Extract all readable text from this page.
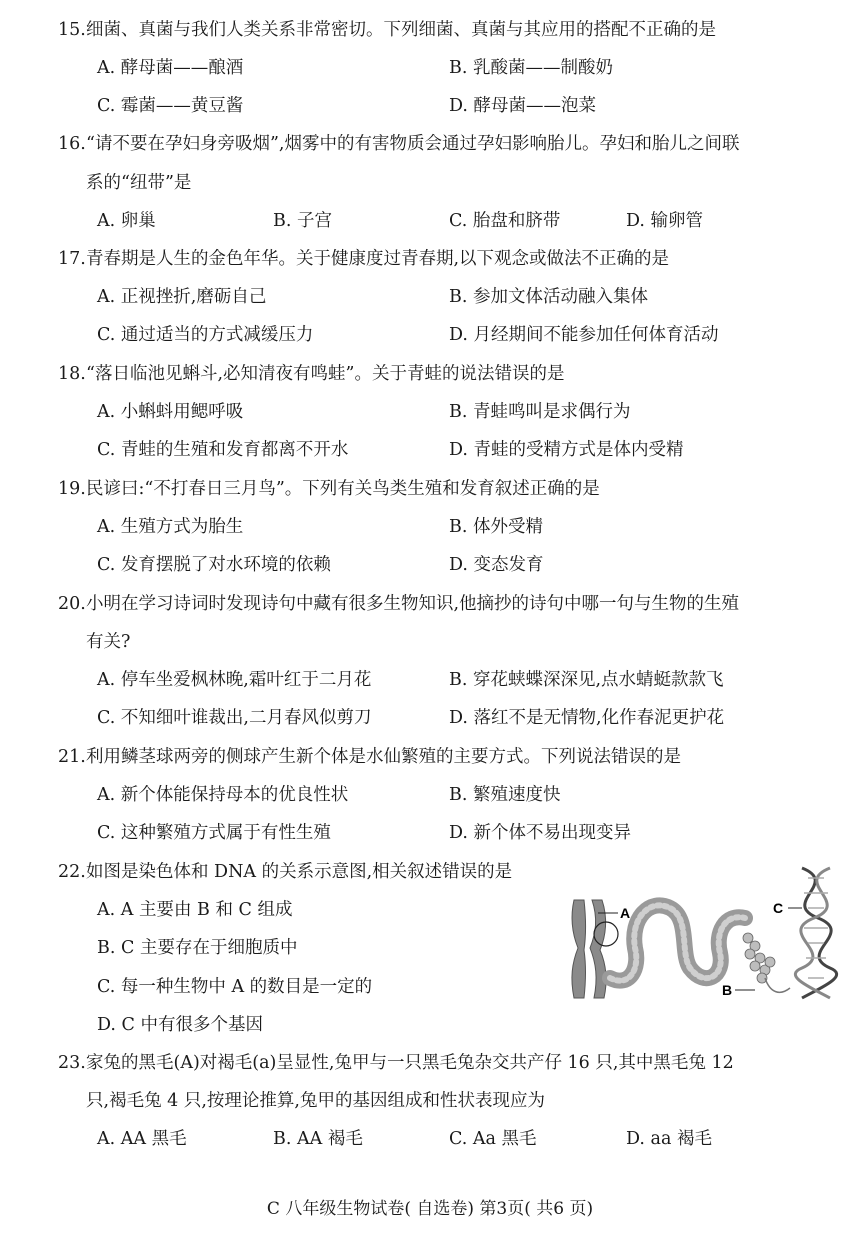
15.细菌、真菌与我们人类关系非常密切。下列细菌、真菌与其应用的搭配不正确的是
A. 酵母菌——酿酒	B. 乳酸菌——制酸奶
C. 霉菌——黄豆酱	D. 酵母菌——泡菜
16.“请不要在孕妇身旁吸烟”,烟雾中的有害物质会通过孕妇影响胎儿。孕妇和胎儿之间联
系的“纽带”是
A. 卵巢	B. 子宫	C. 胎盘和脐带	D. 输卵管
17.青春期是人生的金色年华。关于健康度过青春期,以下观念或做法不正确的是
A. 正视挫折,磨砺自己	B. 参加文体活动融入集体
C. 通过适当的方式减缓压力	D. 月经期间不能参加任何体育活动
18.“落日临池见蝌斗,必知清夜有鸣蛙”。关于青蛙的说法错误的是
A. 小蝌蚪用鳃呼吸	B. 青蛙鸣叫是求偶行为
C. 青蛙的生殖和发育都离不开水	D. 青蛙的受精方式是体内受精
19.民谚曰:“不打春日三月鸟”。下列有关鸟类生殖和发育叙述正确的是
A. 生殖方式为胎生	B. 体外受精
C. 发育摆脱了对水环境的依赖	D. 变态发育
20.小明在学习诗词时发现诗句中藏有很多生物知识,他摘抄的诗句中哪一句与生物的生殖
有关?
A. 停车坐爱枫林晚,霜叶红于二月花	B. 穿花蛱蝶深深见,点水蜻蜓款款飞
C. 不知细叶谁裁出,二月春风似剪刀	D. 落红不是无情物,化作春泥更护花
21.利用鳞茎球两旁的侧球产生新个体是水仙繁殖的主要方式。下列说法错误的是
A. 新个体能保持母本的优良性状	B. 繁殖速度快
C. 这种繁殖方式属于有性生殖	D. 新个体不易出现变异
22.如图是染色体和 DNA 的关系示意图,相关叙述错误的是
A. A 主要由 B 和 C 组成
B. C 主要存在于细胞质中
C. 每一种生物中 A 的数目是一定的
D. C 中有很多个基因
A
B
C
23.家兔的黑毛(A)对褐毛(a)呈显性,兔甲与一只黑毛兔杂交共产仔 16 只,其中黑毛兔 12
只,褐毛兔 4 只,按理论推算,兔甲的基因组成和性状表现应为
A. AA 黑毛	B. AA 褐毛	C. Aa 黑毛	D. aa 褐毛
C 八年级生物试卷( 自选卷) 第3页( 共6 页)
